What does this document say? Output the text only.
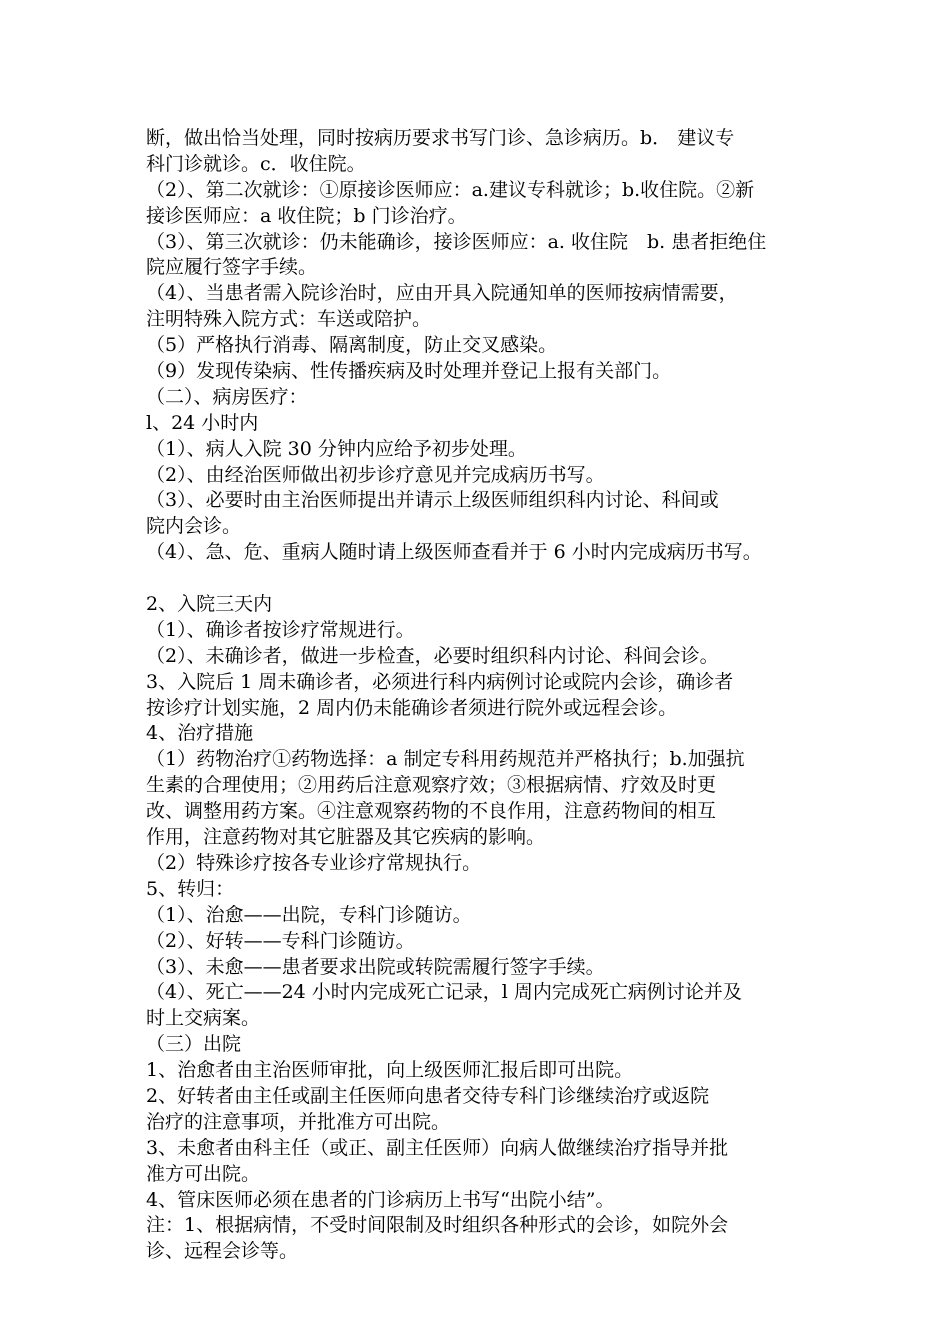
断，做出恰当处理，同时按病历要求书写门诊、急诊病历。b． 建议专
科门诊就诊。c．收住院。
（2）、第二次就诊：①原接诊医师应：a.建议专科就诊；b.收住院。②新
接诊医师应：a 收住院；b 门诊治疗。
（3）、第三次就诊：仍未能确诊，接诊医师应：a. 收住院　b. 患者拒绝住
院应履行签字手续。
（4）、当患者需入院诊治时，应由开具入院通知单的医师按病情需要，
注明特殊入院方式：车送或陪护。
（5）严格执行消毒、隔离制度，防止交叉感染。
（9）发现传染病、性传播疾病及时处理并登记上报有关部门。
（二）、病房医疗：
l、24 小时内
（1）、病人入院 30 分钟内应给予初步处理。
（2）、由经治医师做出初步诊疗意见并完成病历书写。
（3）、必要时由主治医师提出并请示上级医师组织科内讨论、科间或
院内会诊。
（4）、急、危、重病人随时请上级医师查看并于 6 小时内完成病历书写。
2、入院三天内
（1）、确诊者按诊疗常规进行。
（2）、未确诊者，做进一步检查，必要时组织科内讨论、科间会诊。
3、入院后 1 周未确诊者，必须进行科内病例讨论或院内会诊，确诊者
按诊疗计划实施，2 周内仍未能确诊者须进行院外或远程会诊。
4、治疗措施
（1）药物治疗①药物选择：a 制定专科用药规范并严格执行；b.加强抗
生素的合理使用；②用药后注意观察疗效；③根据病情、疗效及时更
改、调整用药方案。④注意观察药物的不良作用，注意药物间的相互
作用，注意药物对其它脏器及其它疾病的影响。
（2）特殊诊疗按各专业诊疗常规执行。
5、转归：
（1）、治愈——出院，专科门诊随访。
（2）、好转——专科门诊随访。
（3）、未愈——患者要求出院或转院需履行签字手续。
（4）、死亡——24 小时内完成死亡记录，l 周内完成死亡病例讨论并及
时上交病案。
（三）出院
1、治愈者由主治医师审批，向上级医师汇报后即可出院。
2、好转者由主任或副主任医师向患者交待专科门诊继续治疗或返院
治疗的注意事项，并批准方可出院。
3、未愈者由科主任（或正、副主任医师）向病人做继续治疗指导并批
准方可出院。
4、管床医师必须在患者的门诊病历上书写“出院小结”。
注：1、根据病情，不受时间限制及时组织各种形式的会诊，如院外会
诊、远程会诊等。
